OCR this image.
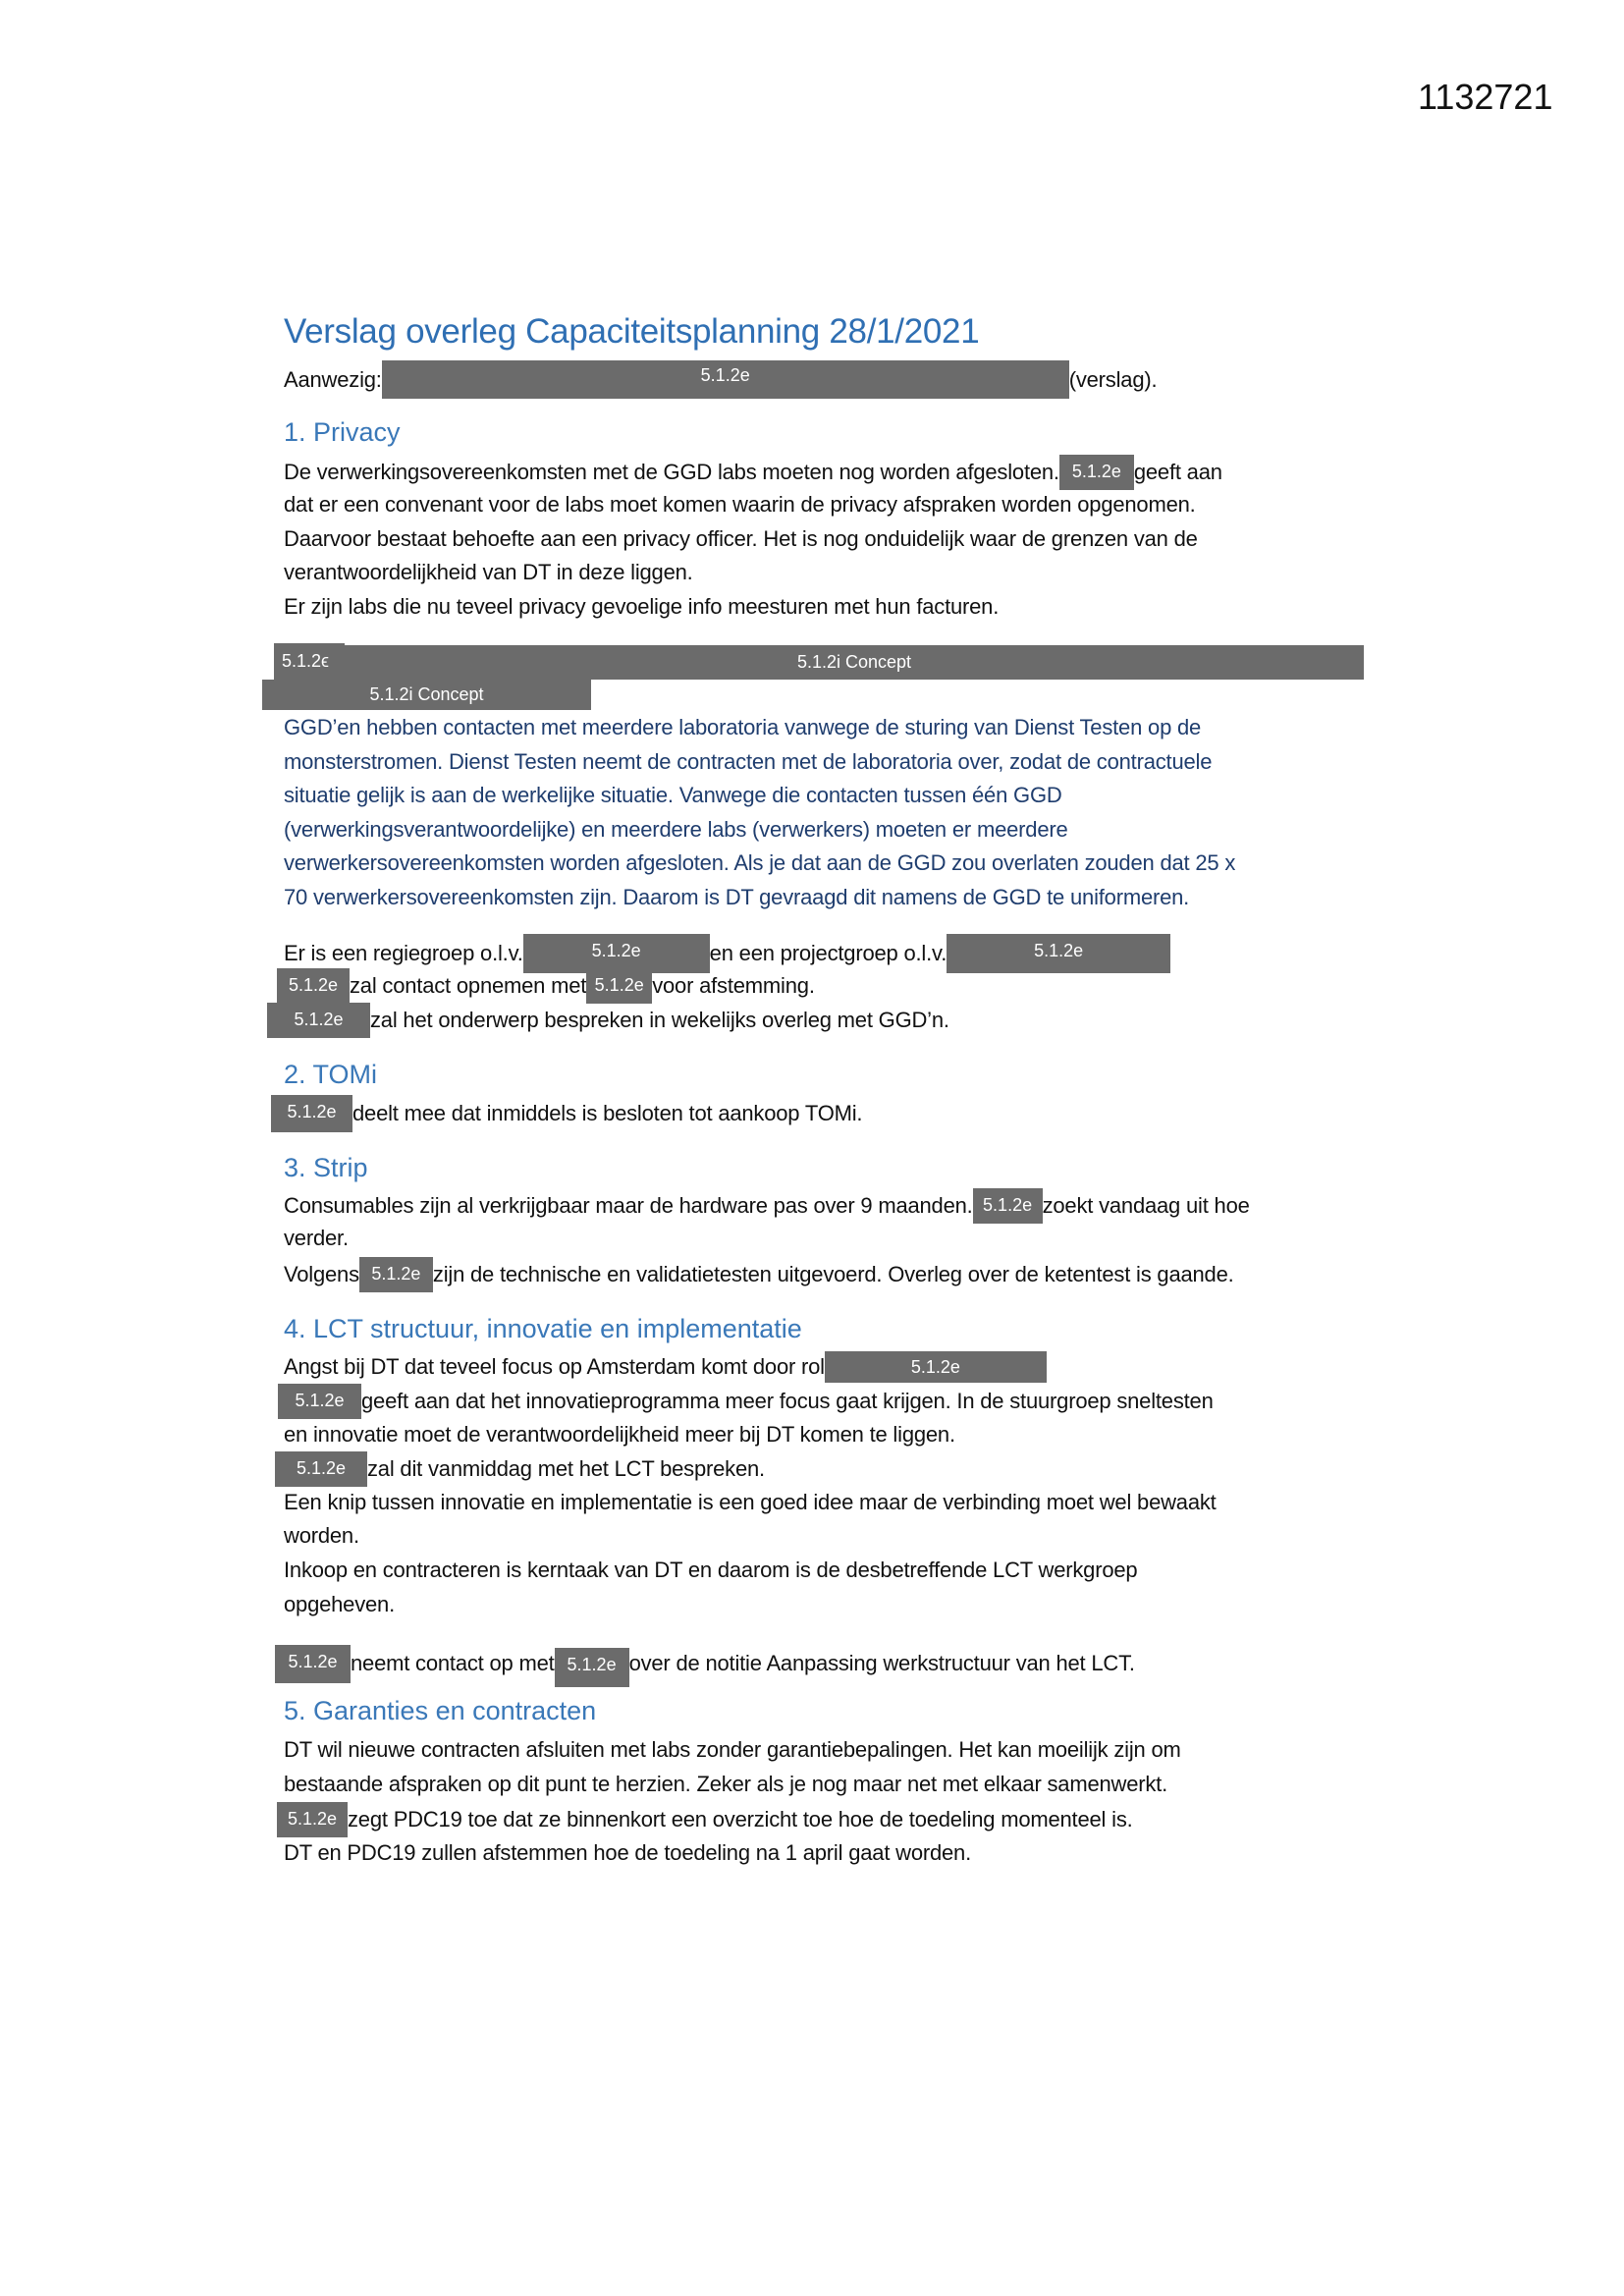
1132721
Verslag overleg Capaciteitsplanning 28/1/2021
Aanwezig:	5.1.2e	(verslag).
1. Privacy
De verwerkingsovereenkomsten met de GGD labs moeten nog worden afgesloten. 5.1.2e geeft aan
dat er een convenant voor de labs moet komen waarin de privacy afspraken worden opgenomen.
Daarvoor bestaat behoefte aan een privacy officer. Het is nog onduidelijk waar de grenzen van de
verantwoordelijkheid van DT in deze liggen.
Er zijn labs die nu teveel privacy gevoelige info meesturen met hun facturen.
5.1.2i Concept
5.1.2ϵ
5.1.2i Concept
GGD’en hebben contacten met meerdere laboratoria vanwege de sturing van Dienst Testen op de
monsterstromen. Dienst Testen neemt de contracten met de laboratoria over, zodat de contractuele
situatie gelijk is aan de werkelijke situatie. Vanwege die contacten tussen één GGD
(verwerkingsverantwoordelijke) en meerdere labs (verwerkers) moeten er meerdere
verwerkersovereenkomsten worden afgesloten. Als je dat aan de GGD zou overlaten zouden dat 25 x
70 verwerkersovereenkomsten zijn. Daarom is DT gevraagd dit namens de GGD te uniformeren.
Er is een regiegroep o.l.v.	5.1.2e	en een projectgroep o.l.v.	5.1.2e
5.1.2e zal contact opnemen met 5.1.2e voor afstemming.
5.1.2e	zal het onderwerp bespreken in wekelijks overleg met GGD’n.
2. TOMi
5.1.2e deelt mee dat inmiddels is besloten tot aankoop TOMi.
3. Strip
Consumables zijn al verkrijgbaar maar de hardware pas over 9 maanden. 5.1.2e zoekt vandaag uit hoe
verder.
Volgens 5.1.2e zijn de technische en validatietesten uitgevoerd. Overleg over de ketentest is gaande.
4. LCT structuur, innovatie en implementatie
Angst bij DT dat teveel focus op Amsterdam komt door rol	5.1.2e
5.1.2e geeft aan dat het innovatieprogramma meer focus gaat krijgen. In de stuurgroep sneltesten
en innovatie moet de verantwoordelijkheid meer bij DT komen te liggen.
5.1.2e zal dit vanmiddag met het LCT bespreken.
Een knip tussen innovatie en implementatie is een goed idee maar de verbinding moet wel bewaakt
worden.
Inkoop en contracteren is kerntaak van DT en daarom is de desbetreffende LCT werkgroep
opgeheven.
5.1.2e neemt contact op met 5.1.2e over de notitie Aanpassing werkstructuur van het LCT.
5. Garanties en contracten
DT wil nieuwe contracten afsluiten met labs zonder garantiebepalingen. Het kan moeilijk zijn om
bestaande afspraken op dit punt te herzien. Zeker als je nog maar net met elkaar samenwerkt.
5.1.2e zegt PDC19 toe dat ze binnenkort een overzicht toe hoe de toedeling momenteel is.
DT en PDC19 zullen afstemmen hoe de toedeling na 1 april gaat worden.
